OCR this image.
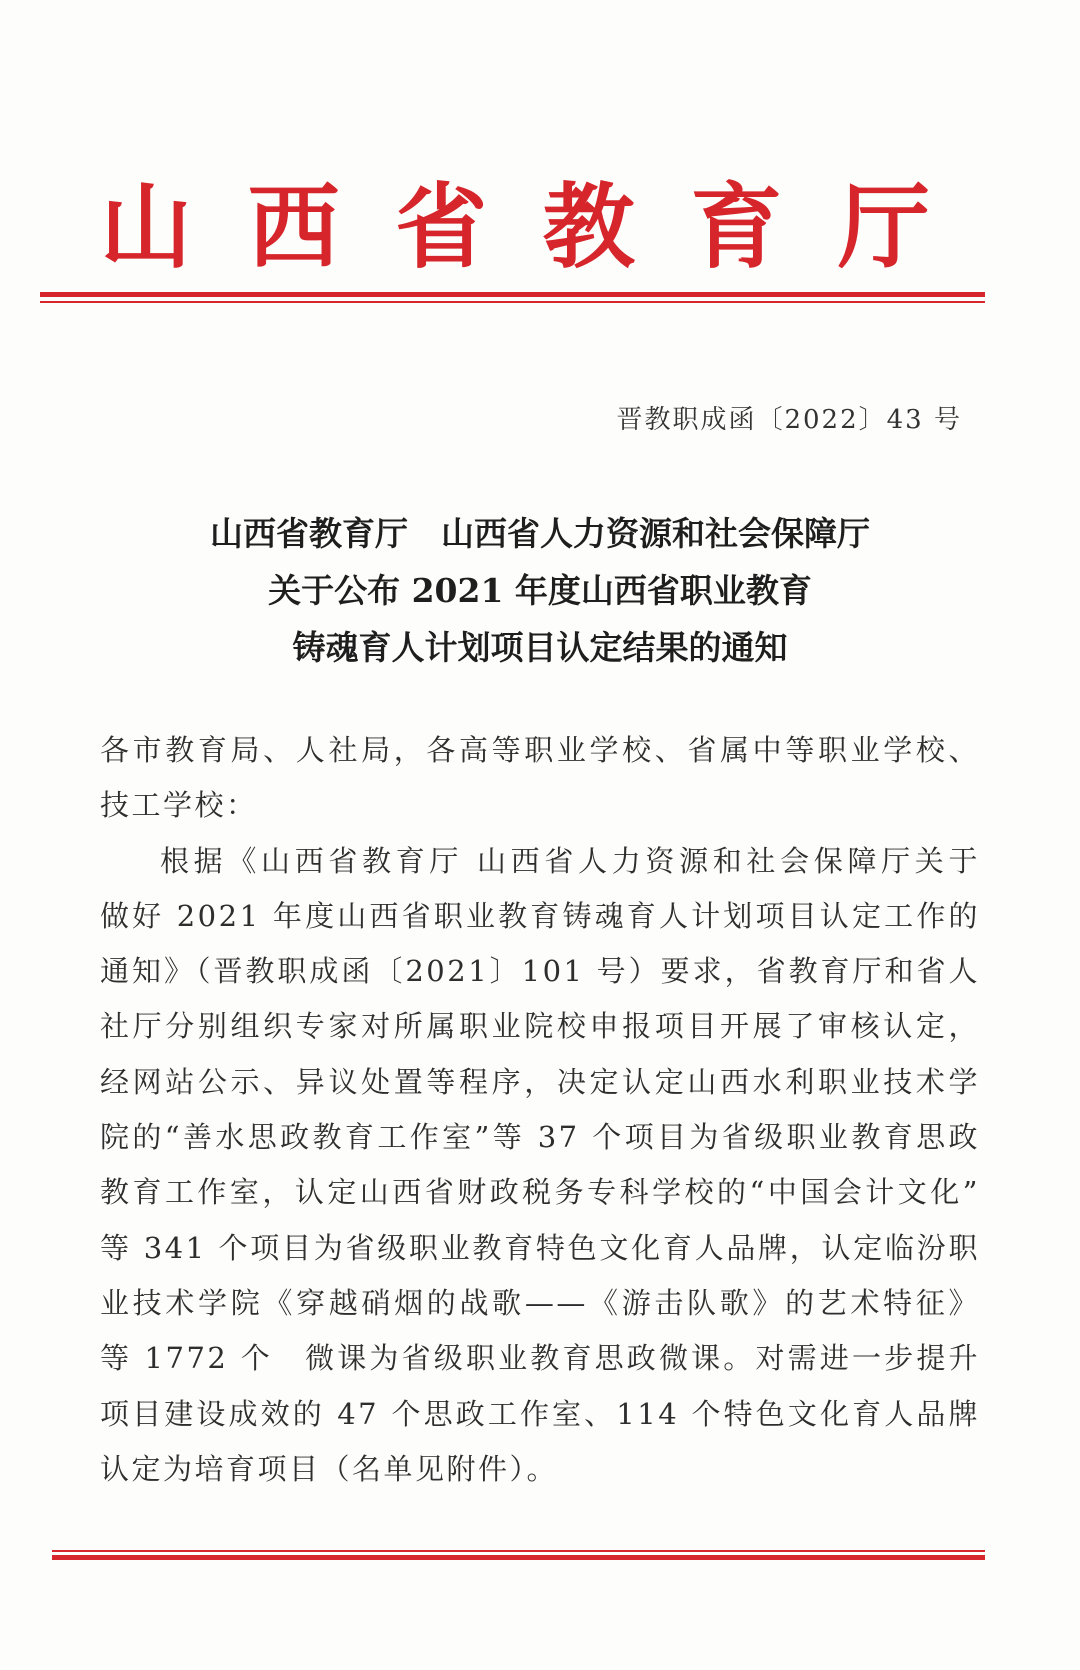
山 西 省 教 育 厅
晋教职成函〔2022〕43 号
山西省教育厅　山西省人力资源和社会保障厅
关于公布 2021 年度山西省职业教育
铸魂育人计划项目认定结果的通知
各市教育局、人社局，各高等职业学校、省属中等职业学校、
技工学校：
根据《山西省教育厅 山西省人力资源和社会保障厅关于
做好 2021 年度山西省职业教育铸魂育人计划项目认定工作的
通知》（晋教职成函〔2021〕101 号）要求，省教育厅和省人
社厅分别组织专家对所属职业院校申报项目开展了审核认定，
经网站公示、异议处置等程序，决定认定山西水利职业技术学
院的“善水思政教育工作室”等 37 个项目为省级职业教育思政
教育工作室，认定山西省财政税务专科学校的“中国会计文化”
等 341 个项目为省级职业教育特色文化育人品牌，认定临汾职
业技术学院《穿越硝烟的战歌——《游击队歌》的艺术特征》
等 1772 个　微课为省级职业教育思政微课。对需进一步提升
项目建设成效的 47 个思政工作室、114 个特色文化育人品牌
认定为培育项目（名单见附件）。
